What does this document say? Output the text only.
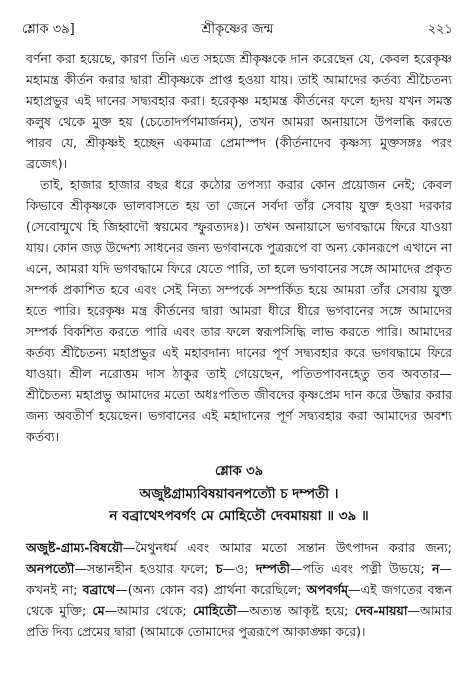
শ্লোক ৩৯]	শ্রীকৃষ্ণের জন্ম	২২১

বর্ণনা করা হয়েছে, কারণ তিনি এত সহজে শ্রীকৃষ্ণকে দান করেছেন যে, কেবল হরেকৃষ্ণ মহামন্ত্র কীর্তন করার দ্বারা শ্রীকৃষ্ণকে প্রাপ্ত হওয়া যায়। তাই আমাদের কর্তব্য শ্রীচৈতন্য মহাপ্রভুর এই দানের সদ্ব্যবহার করা। হরেকৃষ্ণ মহামন্ত্র কীর্তনের ফলে হৃদয় যখন সমস্ত কলুষ থেকে মুক্ত হয় (চেতোদর্পণমার্জনম্), তখন আমরা অনায়াসে উপলব্ধি করতে পারব যে, শ্রীকৃষ্ণই হচ্ছেন একমাত্র প্রেমাস্পদ (কীর্তনাদেব কৃষ্ণস্য মুক্তসঙ্গঃ পরং ব্রজেৎ)।

তাই, হাজার হাজার বছর ধরে কঠোর তপস্যা করার কোন প্রয়োজন নেই; কেবল কিভাবে শ্রীকৃষ্ণকে ভালবাসতে হয় তা জেনে সর্বদা তাঁর সেবায় যুক্ত হওয়া দরকার (সেবোন্মুখে হি জিহ্বাদৌ স্বয়মেব স্ফুরত্যদঃ)। তখন অনায়াসে ভগবদ্ধামে ফিরে যাওয়া যায়। কোন জড় উদ্দেশ্য সাধনের জন্য ভগবানকে পুত্ররূপে বা অন্য কোনরূপে এখানে না এনে, আমরা যদি ভগবদ্ধামে ফিরে যেতে পারি, তা হলে ভগবানের সঙ্গে আমাদের প্রকৃত সম্পর্ক প্রকাশিত হবে এবং সেই নিত্য সম্পর্কে সম্পর্কিত হয়ে আমরা তাঁর সেবায় যুক্ত হতে পারি। হরেকৃষ্ণ মন্ত্র কীর্তনের দ্বারা আমরা ধীরে ধীরে ভগবানের সঙ্গে আমাদের সম্পর্ক বিকশিত করতে পারি এবং তার ফলে স্বরূপসিদ্ধি লাভ করতে পারি। আমাদের কর্তব্য শ্রীচৈতন্য মহাপ্রভুর এই মহাবদান্য দানের পূর্ণ সদ্ব্যবহার করে ভগবদ্ধামে ফিরে যাওয়া। শ্রীল নরোত্তম দাস ঠাকুর তাই গেয়েছেন, পতিতপাবনহেতু তব অবতার—শ্রীচৈতন্য মহাপ্রভু আমাদের মতো অধঃপতিত জীবদের কৃষ্ণপ্রেম দান করে উদ্ধার করার জন্য অবতীর্ণ হয়েছেন। ভগবানের এই মহাদানের পূর্ণ সদ্ব্যবহার করা আমাদের অবশ্য কর্তব্য।

শ্লোক ৩৯
অজুষ্টগ্রাম্যবিষয়াবনপত্যৌ চ দম্পতী ।
ন বব্রাথেঽপবর্গং মে মোহিতৌ দেবমায়য়া ॥ ৩৯ ॥

অজুষ্ট-গ্রাম্য-বিষয়ৌ—মৈথুনধর্ম এবং আমার মতো সন্তান উৎপাদন করার জন্য; অনপত্যৌ—সন্তানহীন হওয়ার ফলে; চ—ও; দম্পতী—পতি এবং পত্নী উভয়ে; ন—কখনই না; বব্রাথে—(অন্য কোন বর) প্রার্থনা করেছিলে; অপবর্গম্—এই জগতের বন্ধন থেকে মুক্তি; মে—আমার থেকে; মোহিতৌ—অত্যন্ত আকৃষ্ট হয়ে; দেব-মায়য়া—আমার প্রতি দিব্য প্রেমের দ্বারা (আমাকে তোমাদের পুত্ররূপে আকাঙ্ক্ষা করে)।
